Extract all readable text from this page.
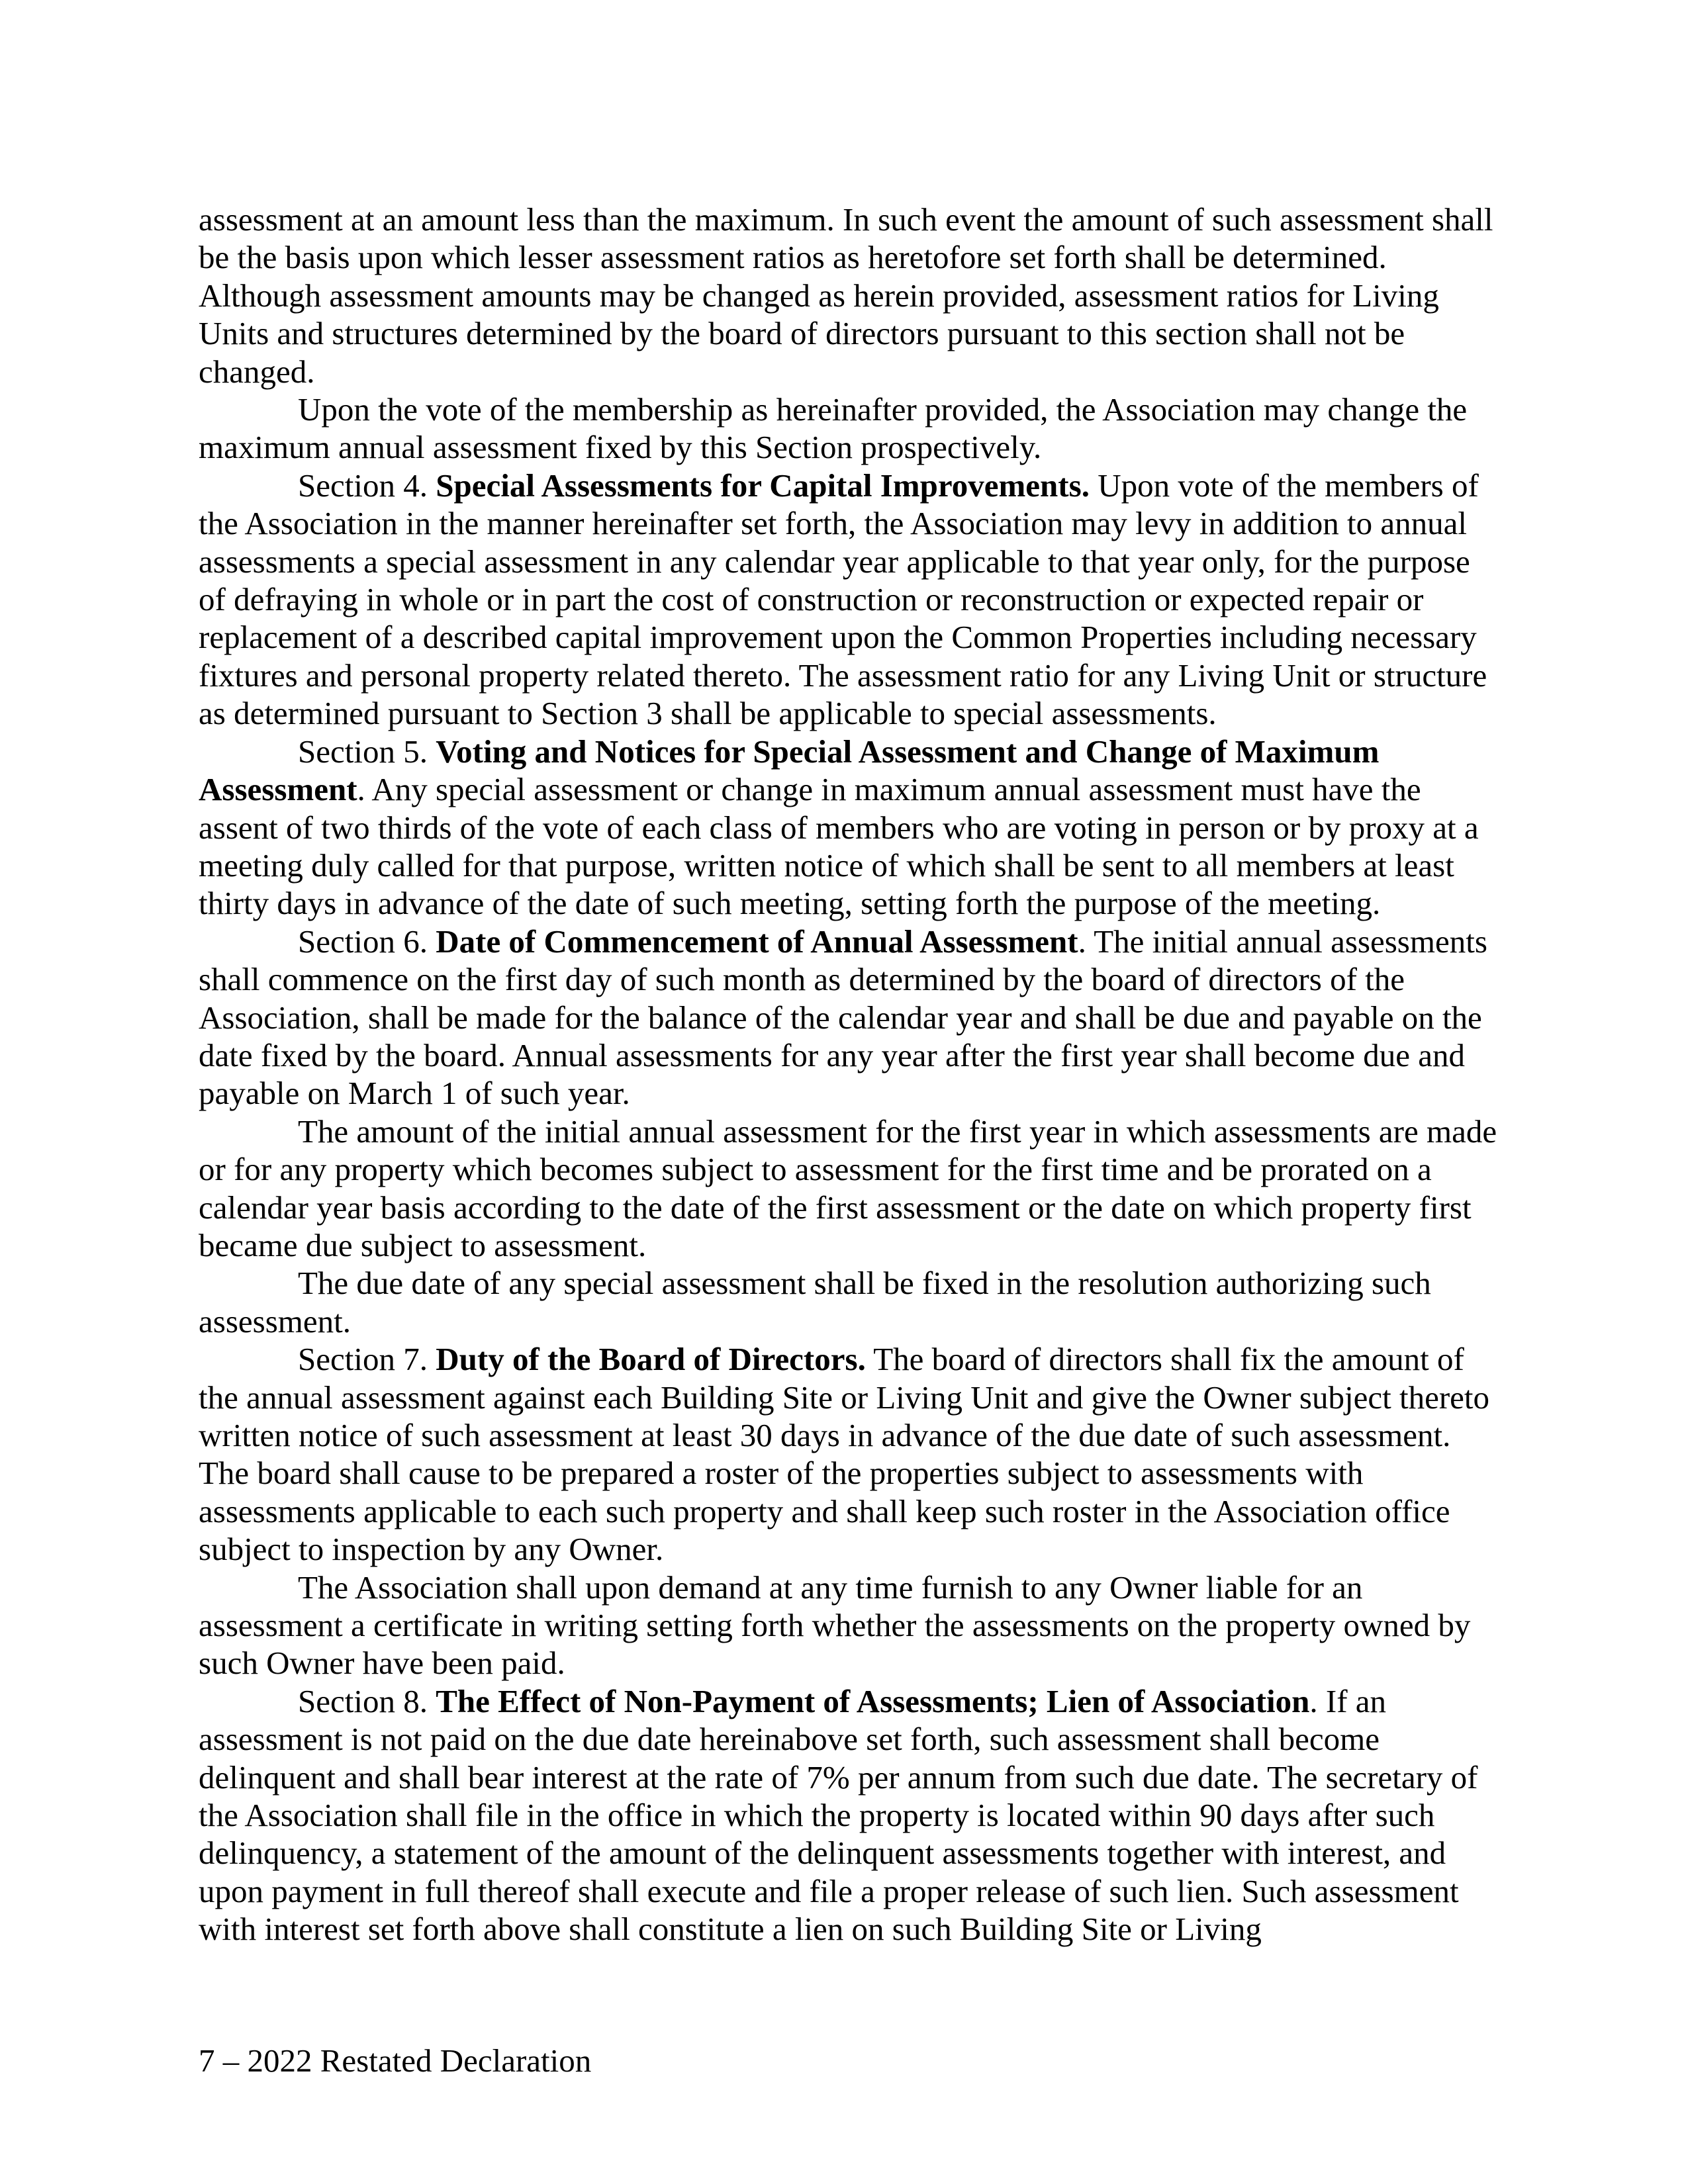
assessment at an amount less than the maximum. In such event the amount of such assessment shall be the basis upon which lesser assessment ratios as heretofore set forth shall be determined. Although assessment amounts may be changed as herein provided, assessment ratios for Living Units and structures determined by the board of directors pursuant to this section shall not be changed.

Upon the vote of the membership as hereinafter provided, the Association may change the maximum annual assessment fixed by this Section prospectively.

Section 4. Special Assessments for Capital Improvements. Upon vote of the members of the Association in the manner hereinafter set forth, the Association may levy in addition to annual assessments a special assessment in any calendar year applicable to that year only, for the purpose of defraying in whole or in part the cost of construction or reconstruction or expected repair or replacement of a described capital improvement upon the Common Properties including necessary fixtures and personal property related thereto. The assessment ratio for any Living Unit or structure as determined pursuant to Section 3 shall be applicable to special assessments.

Section 5. Voting and Notices for Special Assessment and Change of Maximum Assessment. Any special assessment or change in maximum annual assessment must have the assent of two thirds of the vote of each class of members who are voting in person or by proxy at a meeting duly called for that purpose, written notice of which shall be sent to all members at least thirty days in advance of the date of such meeting, setting forth the purpose of the meeting.

Section 6. Date of Commencement of Annual Assessment. The initial annual assessments shall commence on the first day of such month as determined by the board of directors of the Association, shall be made for the balance of the calendar year and shall be due and payable on the date fixed by the board. Annual assessments for any year after the first year shall become due and payable on March 1 of such year.

The amount of the initial annual assessment for the first year in which assessments are made or for any property which becomes subject to assessment for the first time and be prorated on a calendar year basis according to the date of the first assessment or the date on which property first became due subject to assessment.

The due date of any special assessment shall be fixed in the resolution authorizing such assessment.

Section 7. Duty of the Board of Directors. The board of directors shall fix the amount of the annual assessment against each Building Site or Living Unit and give the Owner subject thereto written notice of such assessment at least 30 days in advance of the due date of such assessment. The board shall cause to be prepared a roster of the properties subject to assessments with assessments applicable to each such property and shall keep such roster in the Association office subject to inspection by any Owner.

The Association shall upon demand at any time furnish to any Owner liable for an assessment a certificate in writing setting forth whether the assessments on the property owned by such Owner have been paid.

Section 8. The Effect of Non-Payment of Assessments; Lien of Association. If an assessment is not paid on the due date hereinabove set forth, such assessment shall become delinquent and shall bear interest at the rate of 7% per annum from such due date. The secretary of the Association shall file in the office in which the property is located within 90 days after such delinquency, a statement of the amount of the delinquent assessments together with interest, and upon payment in full thereof shall execute and file a proper release of such lien. Such assessment with interest set forth above shall constitute a lien on such Building Site or Living

7 – 2022 Restated Declaration
